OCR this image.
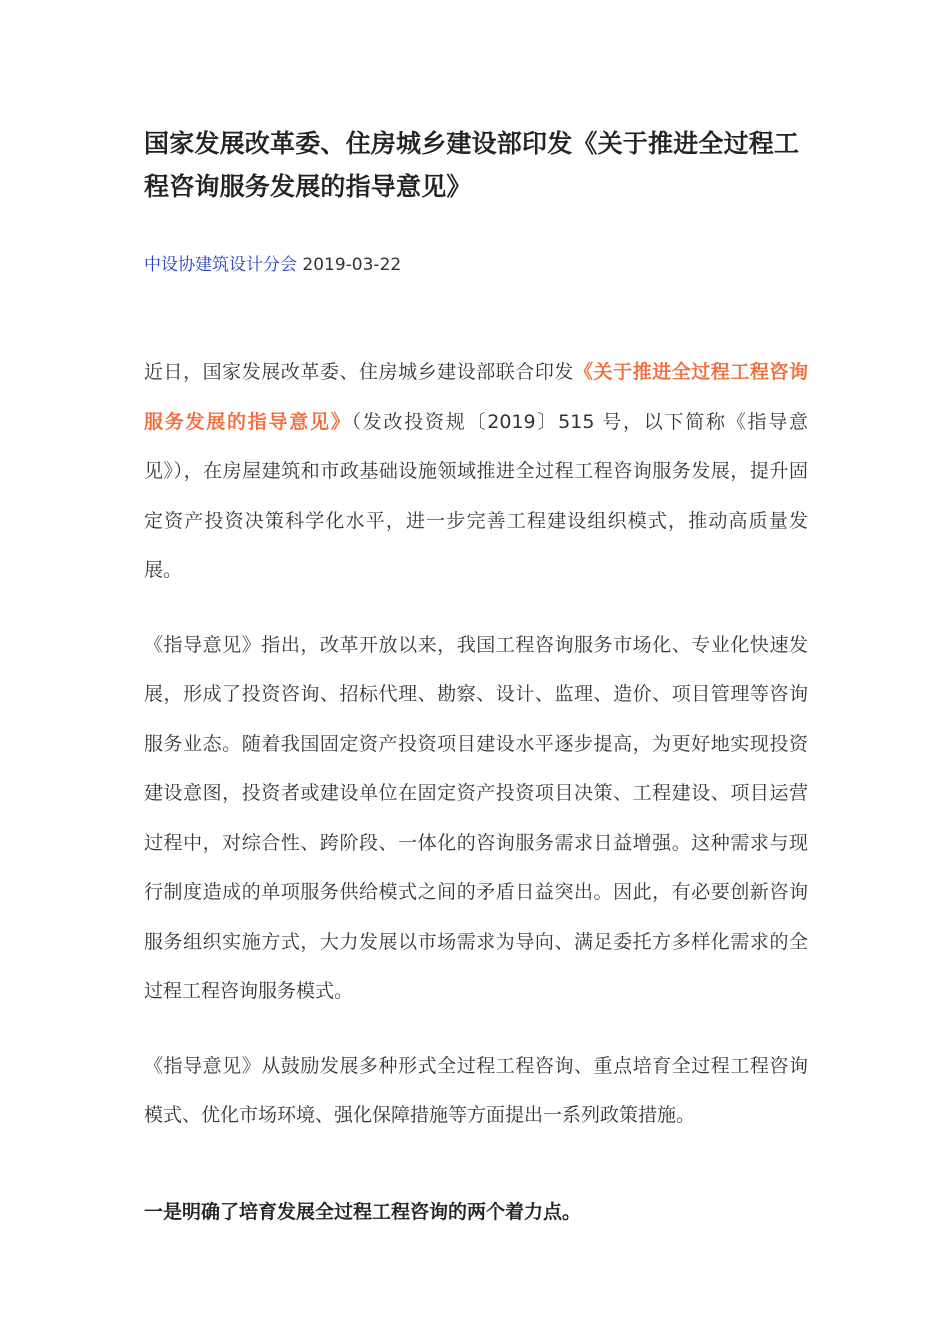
国家发展改革委、住房城乡建设部印发《关于推进全过程工程咨询服务发展的指导意见》
中设协建筑设计分会 2019-03-22

近日，国家发展改革委、住房城乡建设部联合印发《关于推进全过程工程咨询服务发展的指导意见》（发改投资规〔2019〕515 号，以下简称《指导意见》），在房屋建筑和市政基础设施领域推进全过程工程咨询服务发展，提升固定资产投资决策科学化水平，进一步完善工程建设组织模式，推动高质量发展。

《指导意见》指出，改革开放以来，我国工程咨询服务市场化、专业化快速发展，形成了投资咨询、招标代理、勘察、设计、监理、造价、项目管理等咨询服务业态。随着我国固定资产投资项目建设水平逐步提高，为更好地实现投资建设意图，投资者或建设单位在固定资产投资项目决策、工程建设、项目运营过程中，对综合性、跨阶段、一体化的咨询服务需求日益增强。这种需求与现行制度造成的单项服务供给模式之间的矛盾日益突出。因此，有必要创新咨询服务组织实施方式，大力发展以市场需求为导向、满足委托方多样化需求的全过程工程咨询服务模式。

《指导意见》从鼓励发展多种形式全过程工程咨询、重点培育全过程工程咨询模式、优化市场环境、强化保障措施等方面提出一系列政策措施。

一是明确了培育发展全过程工程咨询的两个着力点。
